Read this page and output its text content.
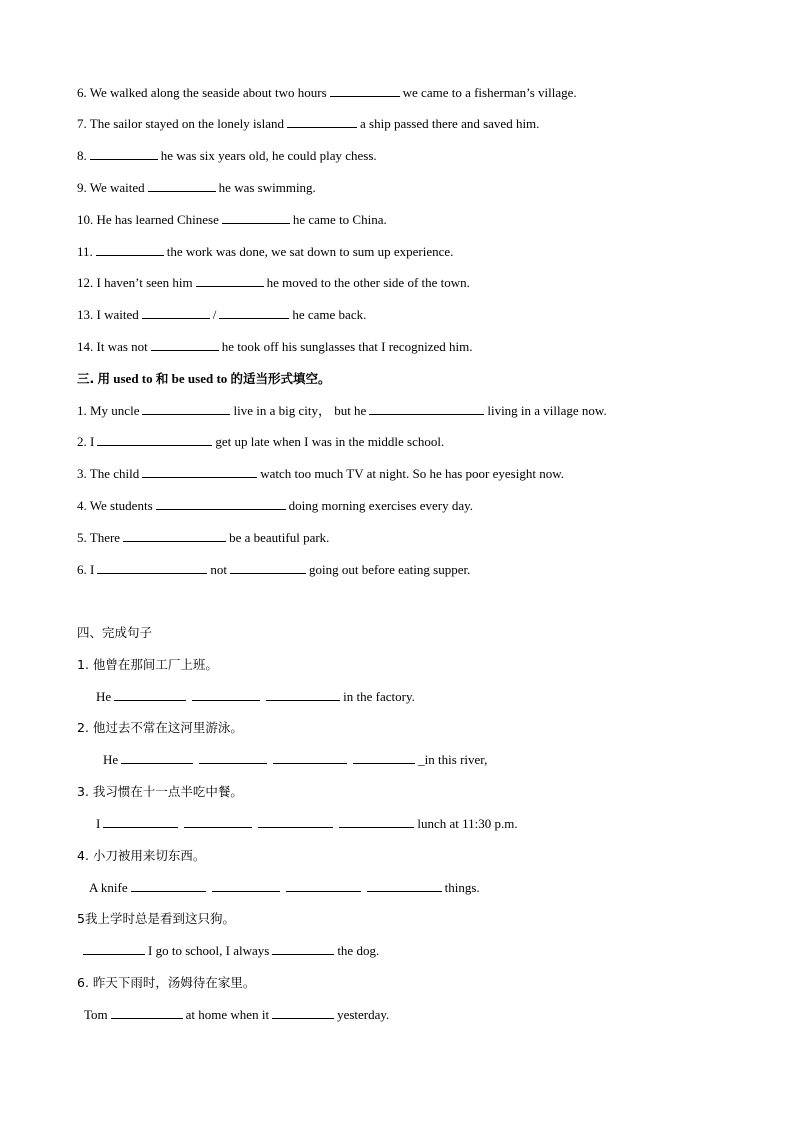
6. We walked along the seaside about two hours	we came to a fisherman’s village.
7. The sailor stayed on the lonely island	a ship passed there and saved him.
8.	he was six years old, he could play chess.
9. We waited	he was swimming.
10. He has learned Chinese	he came to China.
11.	the work was done, we sat down to sum up experience.
12. I haven’t seen him	he moved to the other side of the town.
13. I waited	/	he came back.
14. It was not	he took off his sunglasses that I recognized him.
三. 用 used to 和 be used to 的适当形式填空。
1. My uncle	live in a big city， but he	living in a village now.
2. I	get up late when I was in the middle school.
3. The child	watch too much TV at night. So he has poor eyesight now.
4. We students	doing morning exercises every day.
5. There	be a beautiful park.
6. I	not	going out before eating supper.
四、完成句子
1. 他曾在那间工厂上班。
He	in the factory.
2. 他过去不常在这河里游泳。
He	_in this river,
3. 我习惯在十一点半吃中餐。
I	lunch at 11:30 p.m.
4. 小刀被用来切东西。
A knife	things.
5我上学时总是看到这只狗。
I go to school, I always	the dog.
6. 昨天下雨时，汤姆待在家里。
Tom	at home when it	yesterday.
